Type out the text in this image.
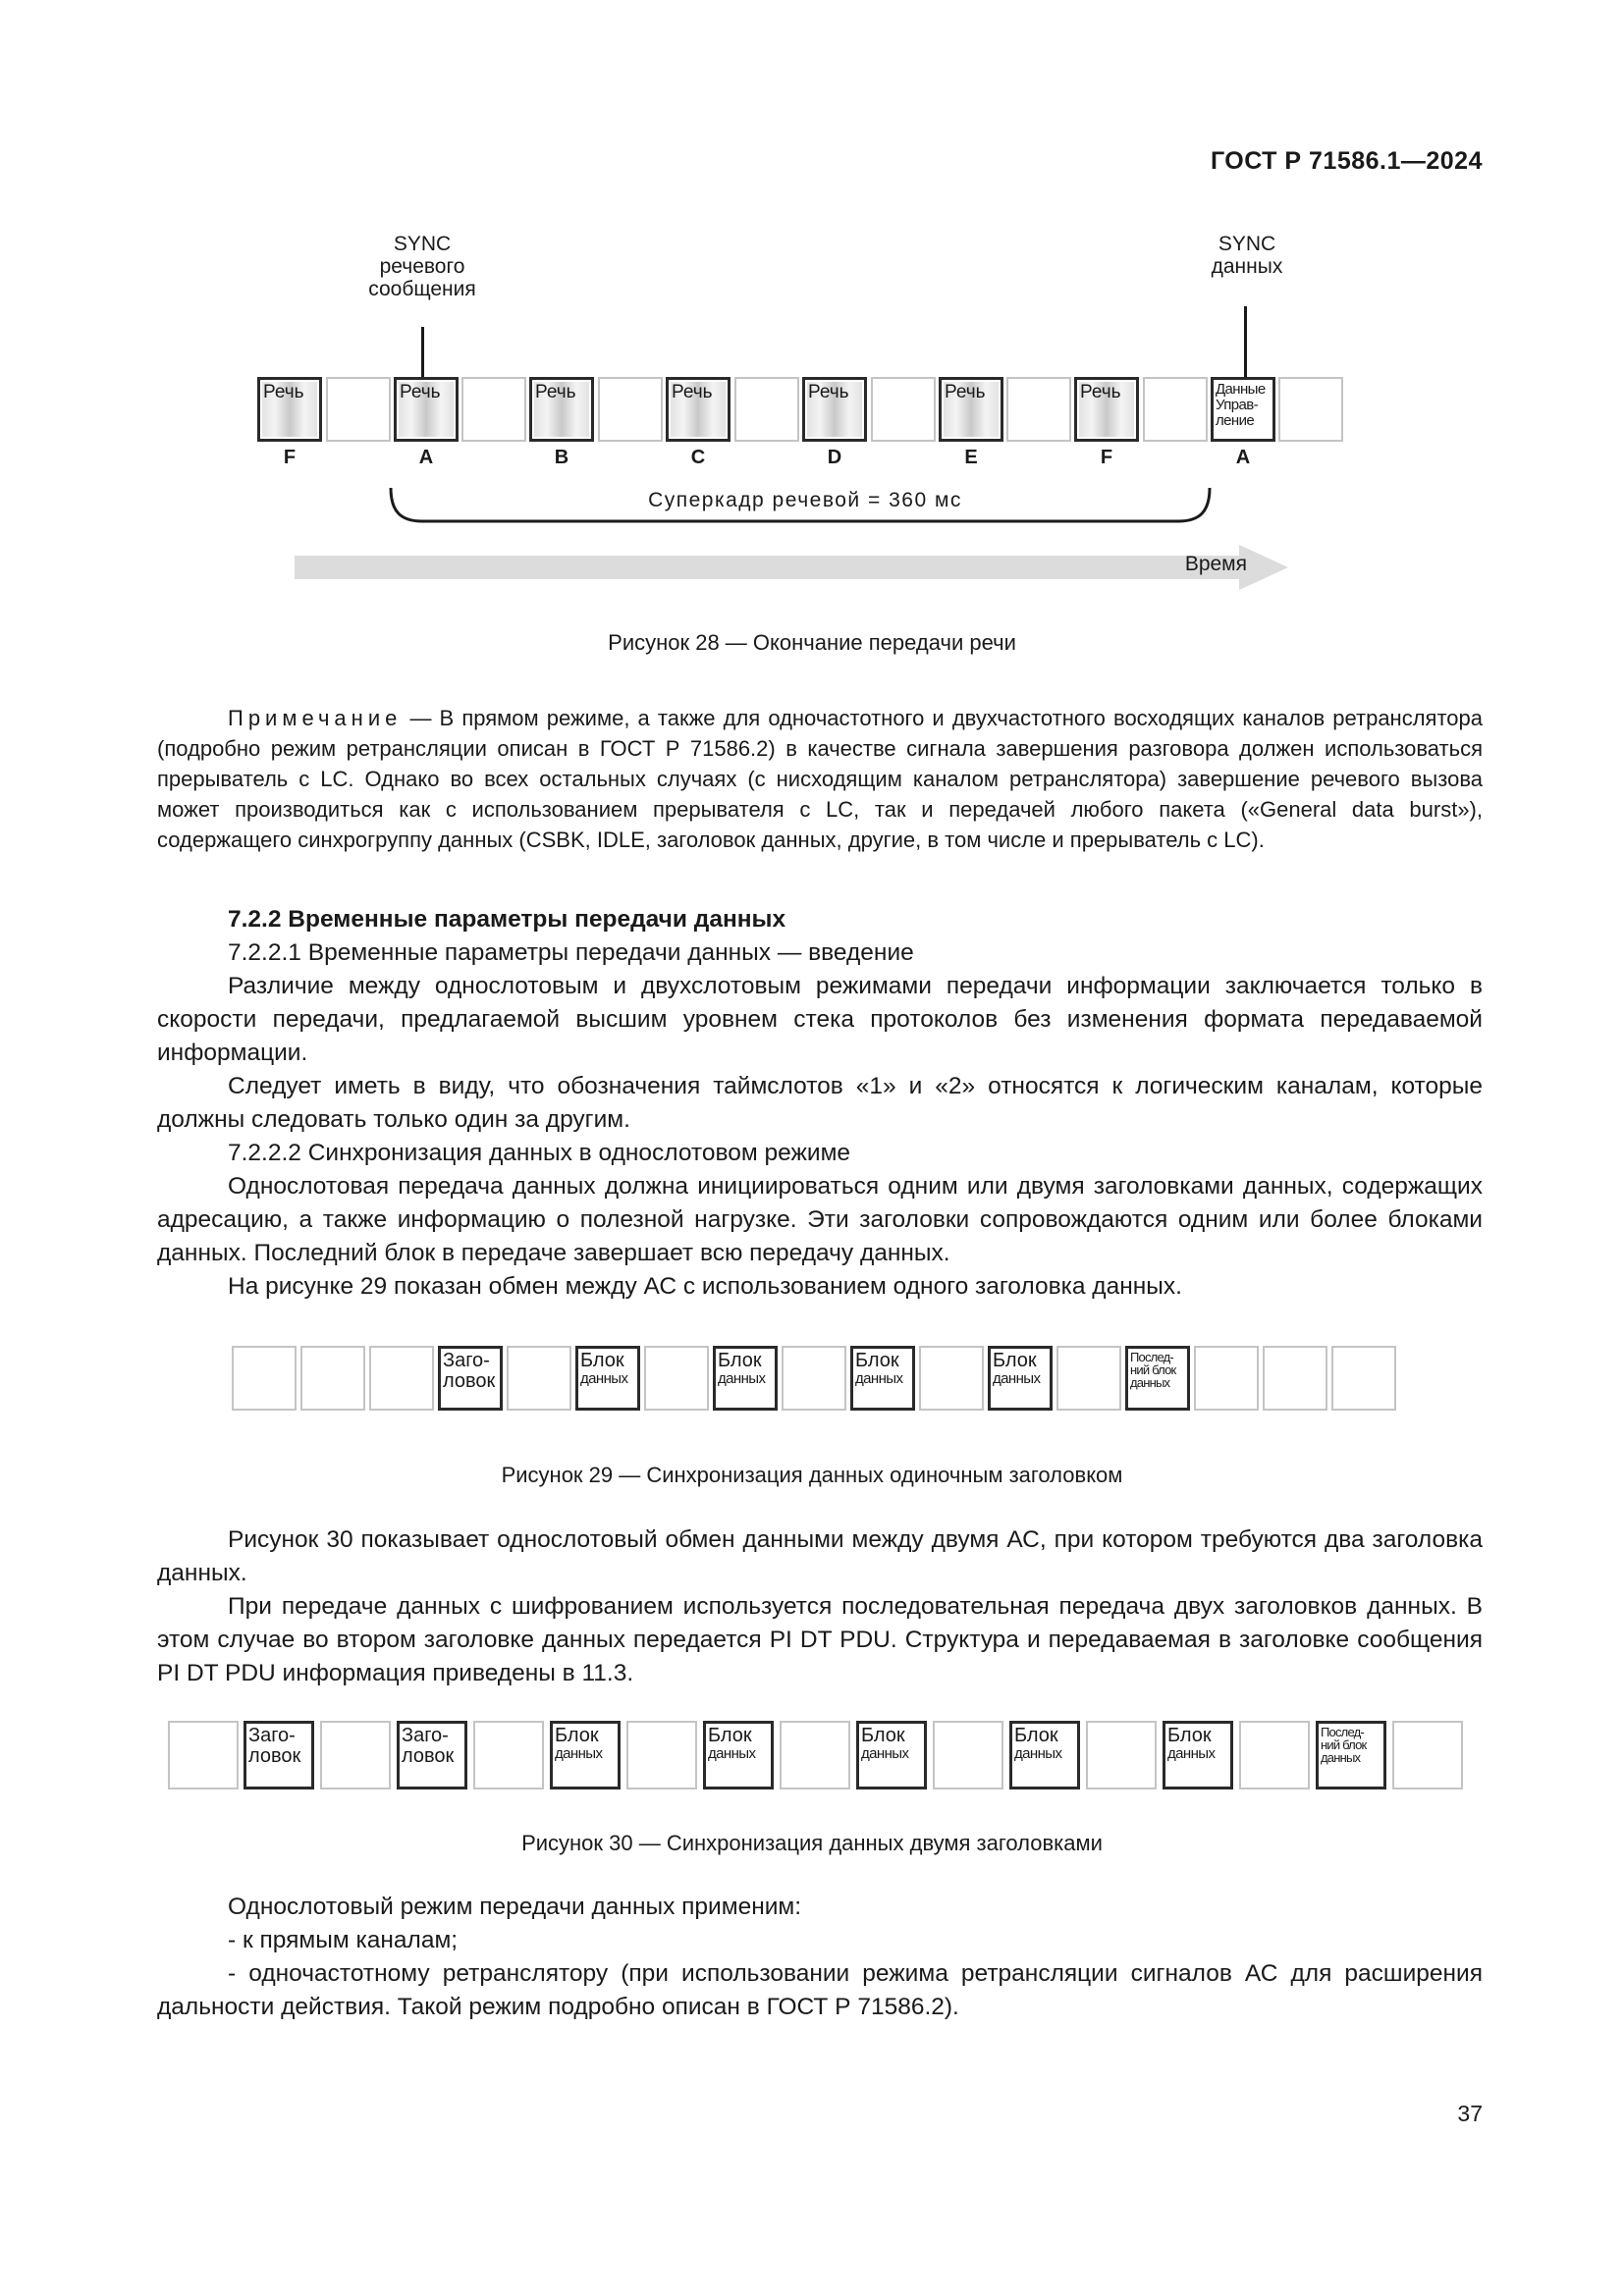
ГОСТ Р 71586.1—2024
SYNC
речевого
сообщения
SYNC
данных
Речь	Речь	Речь	Речь	Речь	Речь	Речь	Данные
Управ-
ление
F	A	B	C	D	E	F	A
Суперкадр речевой = 360 мс
Время
Рисунок 28 — Окончание передачи речи
Примечание — В прямом режиме, а также для одночастотного и двухчастотного восходящих каналов ретранслятора (подробно режим ретрансляции описан в ГОСТ Р 71586.2) в качестве сигнала завершения разговора должен использоваться прерыватель с LC. Однако во всех остальных случаях (с нисходящим каналом ретранслятора) завершение речевого вызова может производиться как с использованием прерывателя с LC, так и передачей любого пакета («General data burst»), содержащего синхрогруппу данных (CSBK, IDLE, заголовок данных, другие, в том числе и прерыватель с LC).
7.2.2 Временные параметры передачи данных
7.2.2.1 Временные параметры передачи данных — введение
Различие между однослотовым и двухслотовым режимами передачи информации заключается только в скорости передачи, предлагаемой высшим уровнем стека протоколов без изменения формата передаваемой информации.
Следует иметь в виду, что обозначения таймслотов «1» и «2» относятся к логическим каналам, которые должны следовать только один за другим.
7.2.2.2 Синхронизация данных в однослотовом режиме
Однослотовая передача данных должна инициироваться одним или двумя заголовками данных, содержащих адресацию, а также информацию о полезной нагрузке. Эти заголовки сопровождаются одним или более блоками данных. Последний блок в передаче завершает всю передачу данных.
На рисунке 29 показан обмен между АС с использованием одного заголовка данных.
Заго-
ловок
Блок
данных
Блок
данных
Блок
данных
Блок
данных
Послед-
ний блок
данных
Рисунок 29 — Синхронизация данных одиночным заголовком
Рисунок 30 показывает однослотовый обмен данными между двумя АС, при котором требуются два заголовка данных.
При передаче данных с шифрованием используется последовательная передача двух заголовков данных. В этом случае во втором заголовке данных передается PI DT PDU. Структура и передаваемая в заголовке сообщения PI DT PDU информация приведены в 11.3.
Заго-
ловок
Заго-
ловок
Блок
данных
Блок
данных
Блок
данных
Блок
данных
Блок
данных
Послед-
ний блок
данных
Рисунок 30 — Синхронизация данных двумя заголовками
Однослотовый режим передачи данных применим:
- к прямым каналам;
- одночастотному ретранслятору (при использовании режима ретрансляции сигналов АС для расширения дальности действия. Такой режим подробно описан в ГОСТ Р 71586.2).
37
